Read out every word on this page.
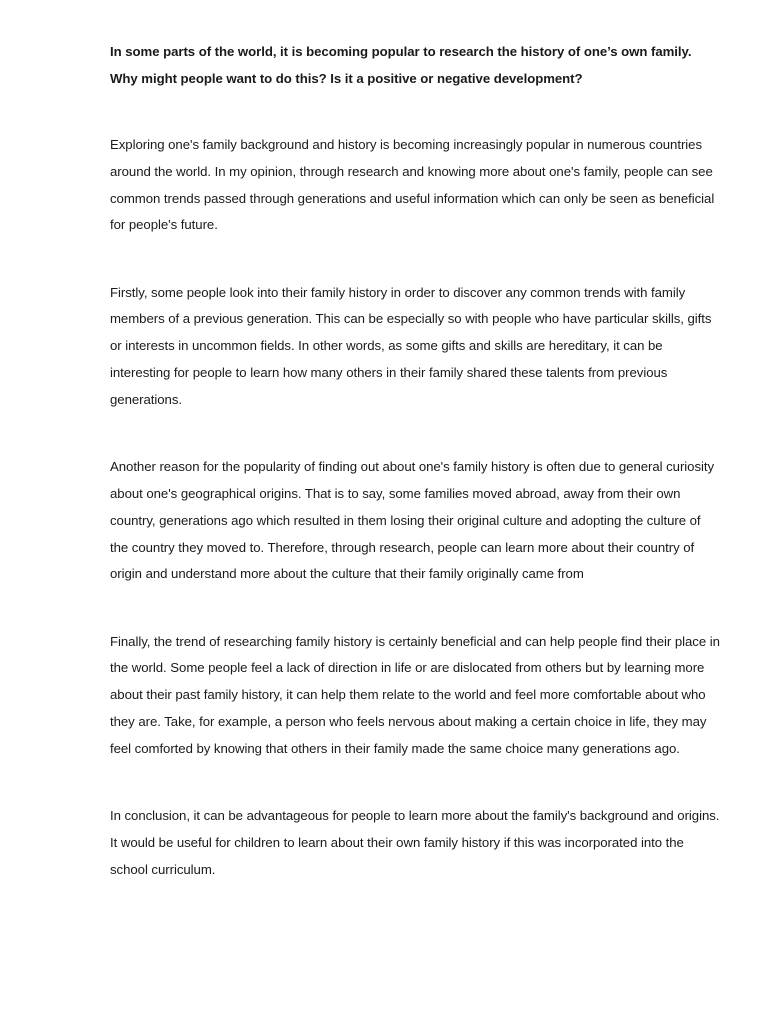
In some parts of the world, it is becoming popular to research the history of one’s own family. Why might people want to do this? Is it a positive or negative development?

Exploring one's family background and history is becoming increasingly popular in numerous countries around the world. In my opinion, through research and knowing more about one's family, people can see common trends passed through generations and useful information which can only be seen as beneficial for people's future.

Firstly, some people look into their family history in order to discover any common trends with family members of a previous generation. This can be especially so with people who have particular skills, gifts or interests in uncommon fields. In other words, as some gifts and skills are hereditary, it can be interesting for people to learn how many others in their family shared these talents from previous generations.

Another reason for the popularity of finding out about one's family history is often due to general curiosity about one's geographical origins. That is to say, some families moved abroad, away from their own country, generations ago which resulted in them losing their original culture and adopting the culture of the country they moved to. Therefore, through research, people can learn more about their country of origin and understand more about the culture that their family originally came from

Finally, the trend of researching family history is certainly beneficial and can help people find their place in the world. Some people feel a lack of direction in life or are dislocated from others but by learning more about their past family history, it can help them relate to the world and feel more comfortable about who they are. Take, for example, a person who feels nervous about making a certain choice in life, they may feel comforted by knowing that others in their family made the same choice many generations ago.

In conclusion, it can be advantageous for people to learn more about the family's background and origins. It would be useful for children to learn about their own family history if this was incorporated into the school curriculum.
